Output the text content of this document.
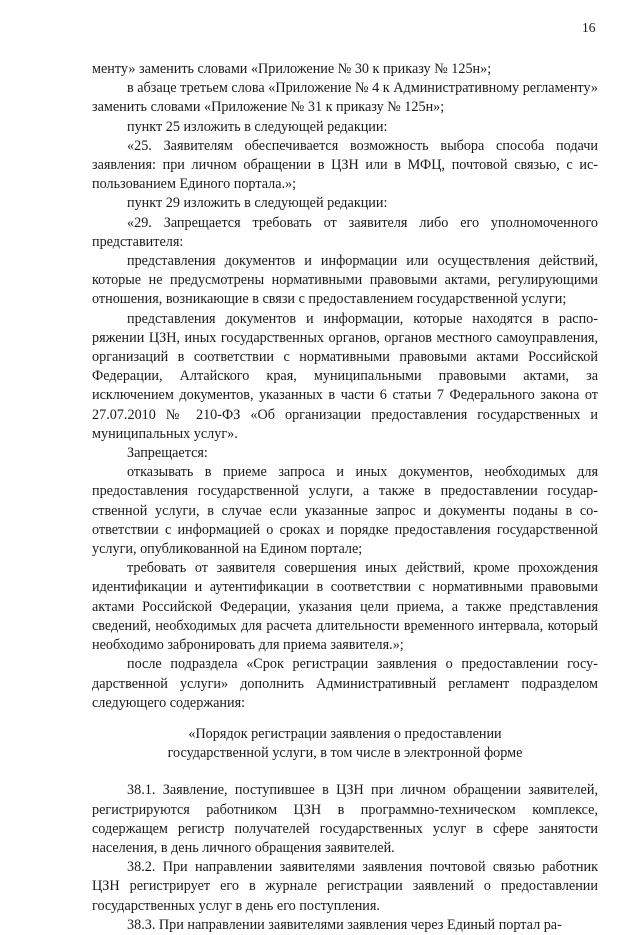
16

менту» заменить словами «Приложение № 30 к приказу № 125н»;

в абзаце третьем слова «Приложение № 4 к Административному регламенту» заменить словами «Приложение № 31 к приказу № 125н»;

пункт 25 изложить в следующей редакции:

«25. Заявителям обеспечивается возможность выбора способа подачи заявления: при личном обращении в ЦЗН или в МФЦ, почтовой связью, с использованием Единого портала.»;

пункт 29 изложить в следующей редакции:

«29. Запрещается требовать от заявителя либо его уполномоченного представителя:

представления документов и информации или осуществления действий, которые не предусмотрены нормативными правовыми актами, регулирующими отношения, возникающие в связи с предоставлением государственной услуги;

представления документов и информации, которые находятся в распоряжении ЦЗН, иных государственных органов, органов местного самоуправления, организаций в соответствии с нормативными правовыми актами Российской Федерации, Алтайского края, муниципальными правовыми актами, за исключением документов, указанных в части 6 статьи 7 Федерального закона от 27.07.2010 № 210-ФЗ «Об организации предоставления государственных и муниципальных услуг».

Запрещается:

отказывать в приеме запроса и иных документов, необходимых для предоставления государственной услуги, а также в предоставлении государственной услуги, в случае если указанные запрос и документы поданы в соответствии с информацией о сроках и порядке предоставления государственной услуги, опубликованной на Едином портале;

требовать от заявителя совершения иных действий, кроме прохождения идентификации и аутентификации в соответствии с нормативными правовыми актами Российской Федерации, указания цели приема, а также представления сведений, необходимых для расчета длительности временного интервала, который необходимо забронировать для приема заявителя.»;

после подраздела «Срок регистрации заявления о предоставлении государственной услуги» дополнить Административный регламент подразделом следующего содержания:

«Порядок регистрации заявления о предоставлении
государственной услуги, в том числе в электронной форме

38.1. Заявление, поступившее в ЦЗН при личном обращении заявителей, регистрируются работником ЦЗН в программно-техническом комплексе, содержащем регистр получателей государственных услуг в сфере занятости населения, в день личного обращения заявителей.

38.2. При направлении заявителями заявления почтовой связью работник ЦЗН регистрирует его в журнале регистрации заявлений о предоставлении государственных услуг в день его поступления.

38.3. При направлении заявителями заявления через Единый портал ра-
